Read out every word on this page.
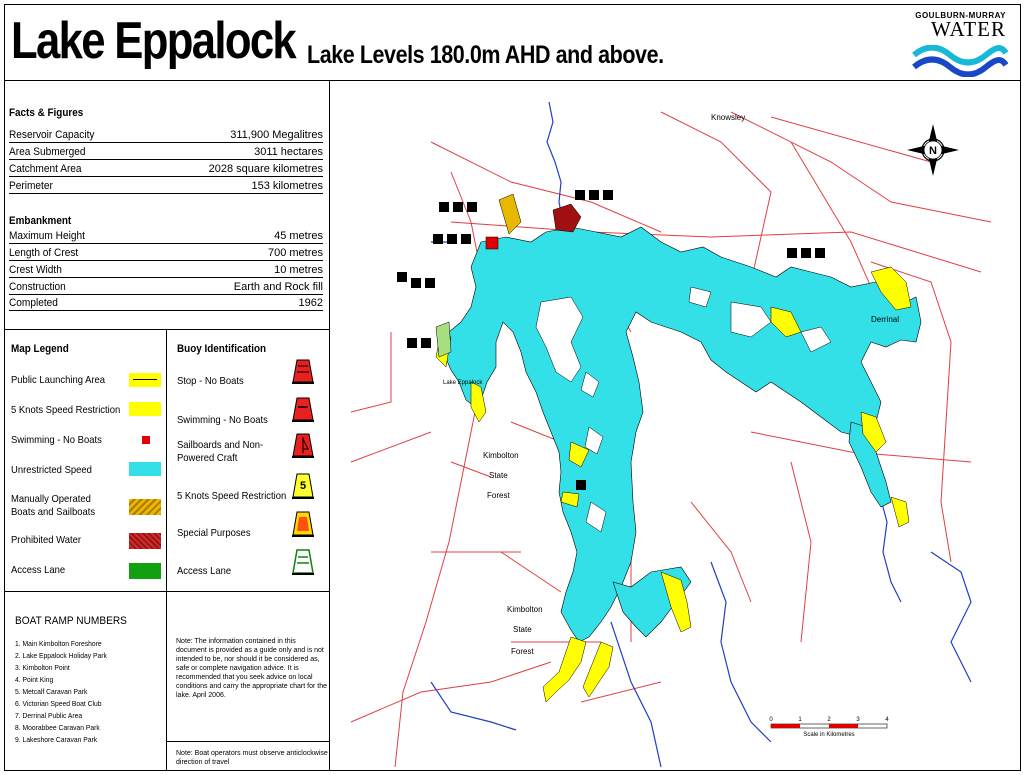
Lake Eppalock Lake Levels 180.0m AHD and above.
GOULBURN-MURRAY
WATER
Facts & Figures
Reservoir Capacity	311,900 Megalitres
Area Submerged	3011 hectares
Catchment Area	2028 square kilometres
Perimeter	153 kilometres
Embankment
Maximum Height	45 metres
Length of Crest	700 metres
Crest Width	10 metres
Construction	Earth and Rock fill
Completed	1962
Map Legend
Public Launching Area
5 Knots Speed Restriction
Swimming - No Boats
Unrestricted Speed
Manually Operated Boats and Sailboats
Prohibited Water
Access Lane
Buoy Identification
Stop - No Boats
Swimming - No Boats
Sailboards and Non-Powered Craft
5 Knots Speed Restriction
5
Special Purposes
Access Lane
BOAT RAMP NUMBERS
1. Main Kimbolton Foreshore
2. Lake Eppalock Holiday Park
3. Kimbolton Point
4. Point King
5. Metcalf Caravan Park
6. Victorian Speed Boat Club
7. Derrinal Public Area
8. Moorabbee Caravan Park
9. Lakeshore Caravan Park
Note: The information contained in this document is provided as a guide only and is not intended to be, nor should it be considered as, safe or complete navigation advice. It is recommended that you seek advice on local conditions and carry the appropriate chart for the lake. April 2006.
Note: Boat operators must observe anticlockwise direction of travel
Knowsley
Kimbolton
State
Forest
Derrinal
Lake Eppalock
Kimbolton
State
Forest
N
0	1	2	3	4
Scale in Kilometres
